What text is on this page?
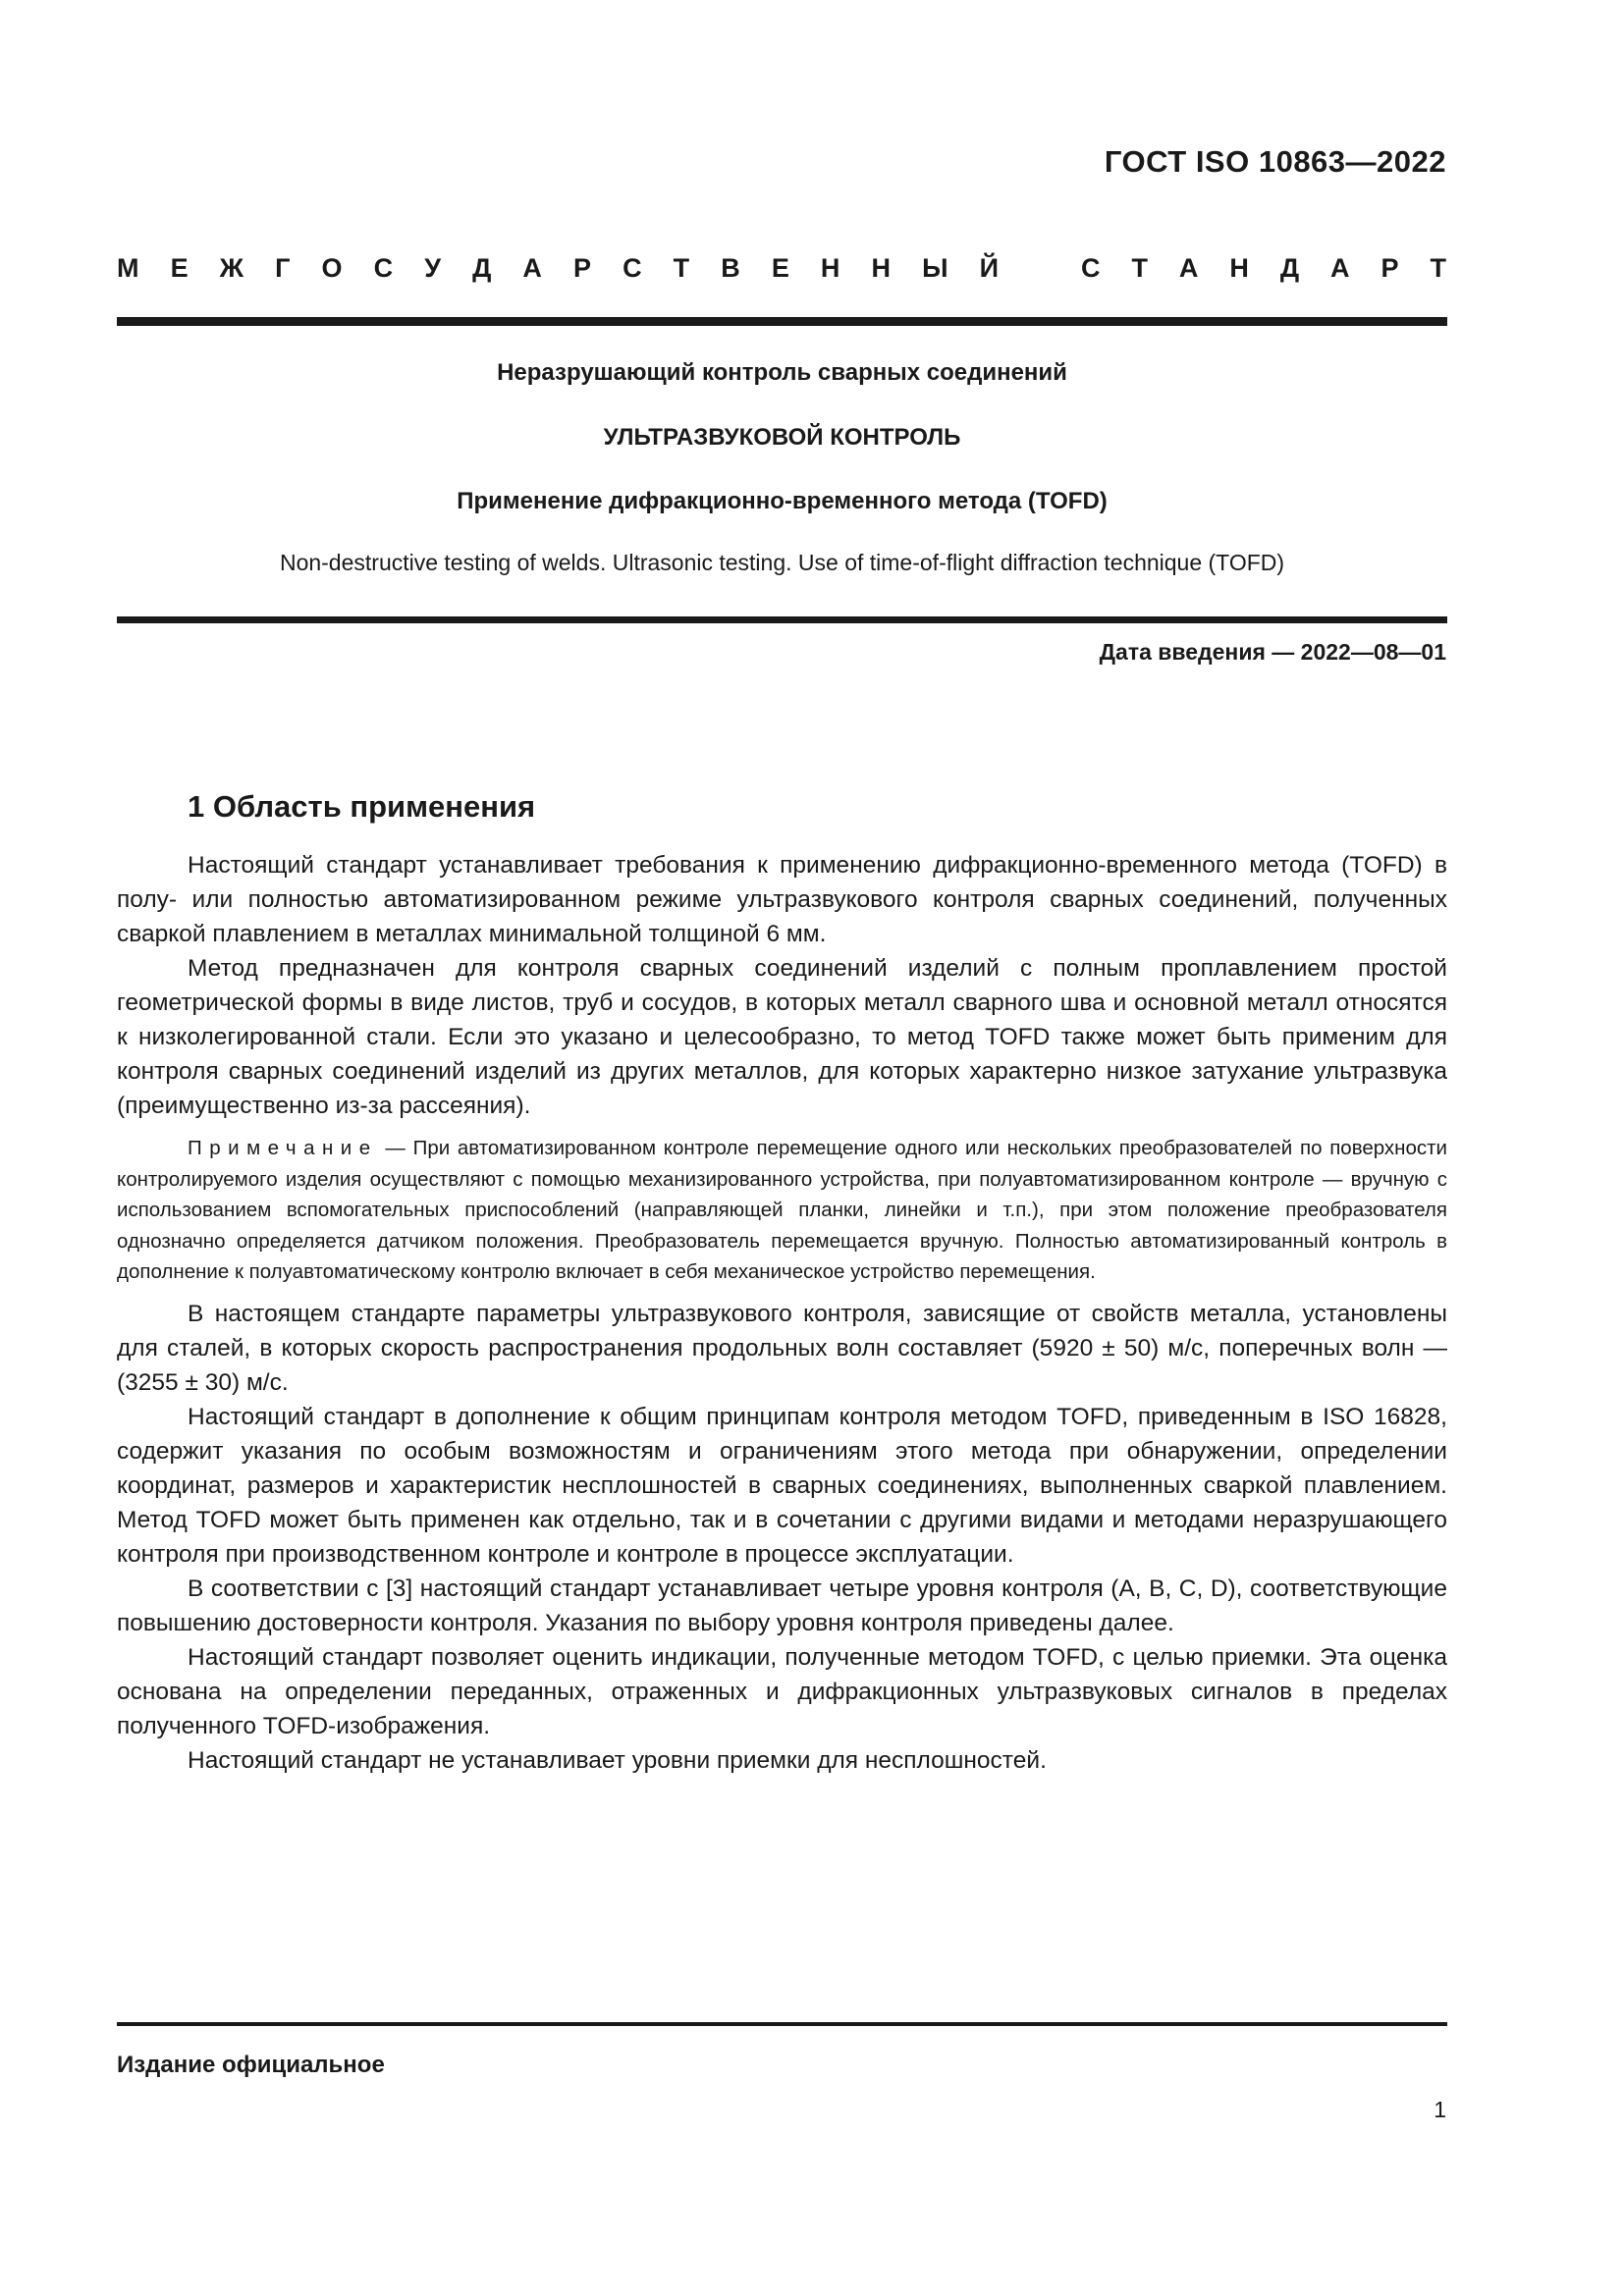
ГОСТ ISO 10863—2022
М Е Ж Г О С У Д А Р С Т В Е Н Н Ы Й	С Т А Н Д А Р Т
Неразрушающий контроль сварных соединений
УЛЬТРАЗВУКОВОЙ КОНТРОЛЬ
Применение дифракционно-временного метода (TOFD)
Non-destructive testing of welds. Ultrasonic testing. Use of time-of-flight diffraction technique (TOFD)
Дата введения — 2022—08—01
1 Область применения

Настоящий стандарт устанавливает требования к применению дифракционно-временного метода (TOFD) в полу- или полностью автоматизированном режиме ультразвукового контроля сварных соединений, полученных сваркой плавлением в металлах минимальной толщиной 6 мм.

Метод предназначен для контроля сварных соединений изделий с полным проплавлением простой геометрической формы в виде листов, труб и сосудов, в которых металл сварного шва и основной металл относятся к низколегированной стали. Если это указано и целесообразно, то метод TOFD также может быть применим для контроля сварных соединений изделий из других металлов, для которых характерно низкое затухание ультразвука (преимущественно из-за рассеяния).

Примечание — При автоматизированном контроле перемещение одного или нескольких преобразователей по поверхности контролируемого изделия осуществляют с помощью механизированного устройства, при полуавтоматизированном контроле — вручную с использованием вспомогательных приспособлений (направляющей планки, линейки и т.п.), при этом положение преобразователя однозначно определяется датчиком положения. Преобразователь перемещается вручную. Полностью автоматизированный контроль в дополнение к полуавтоматическому контролю включает в себя механическое устройство перемещения.

В настоящем стандарте параметры ультразвукового контроля, зависящие от свойств металла, установлены для сталей, в которых скорость распространения продольных волн составляет (5920 ± 50) м/с, поперечных волн — (3255 ± 30) м/с.

Настоящий стандарт в дополнение к общим принципам контроля методом TOFD, приведенным в ISO 16828, содержит указания по особым возможностям и ограничениям этого метода при обнаружении, определении координат, размеров и характеристик несплошностей в сварных соединениях, выполненных сваркой плавлением. Метод TOFD может быть применен как отдельно, так и в сочетании с другими видами и методами неразрушающего контроля при производственном контроле и контроле в процессе эксплуатации.

В соответствии с [3] настоящий стандарт устанавливает четыре уровня контроля (А, В, С, D), соответствующие повышению достоверности контроля. Указания по выбору уровня контроля приведены далее.

Настоящий стандарт позволяет оценить индикации, полученные методом TOFD, с целью приемки. Эта оценка основана на определении переданных, отраженных и дифракционных ультразвуковых сигналов в пределах полученного TOFD-изображения.

Настоящий стандарт не устанавливает уровни приемки для несплошностей.

Издание официальное
1
